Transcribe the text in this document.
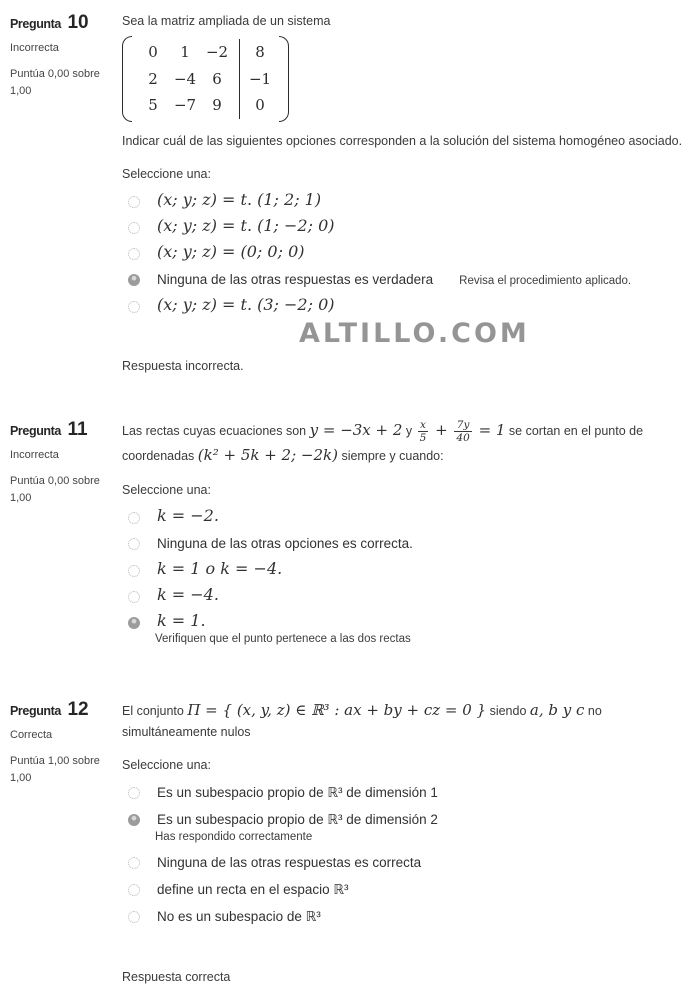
ALTILLO.COM
Pregunta 10
Incorrecta
Puntúa 0,00 sobre
1,00
Sea la matriz ampliada de un sistema
0 1 −2
2 −4 6
5 −7 9
8
−1
0
Indicar cuál de las siguientes opciones corresponden a la solución del sistema homogéneo asociado.
Seleccione una:
(x; y; z) = t. (1; 2; 1)
(x; y; z) = t. (1; −2; 0)
(x; y; z) = (0; 0; 0)
Ninguna de las otras respuestas es verdadera Revisa el procedimiento aplicado.
(x; y; z) = t. (3; −2; 0)
Respuesta incorrecta.
Pregunta 11
Incorrecta
Puntúa 0,00 sobre
1,00
Las rectas cuyas ecuaciones son y = −3x + 2 y $\frac{x}{5} + \frac{7y}{40} = 1$ se cortan en el punto de coordenadas (k² + 5k + 2; −2k) siempre y cuando:
Seleccione una:
k = −2.
Ninguna de las otras opciones es correcta.
k = 1 o k = −4.
k = −4.
k = 1.
Verifiquen que el punto pertenece a las dos rectas
Pregunta 12
Correcta
Puntúa 1,00 sobre
1,00
El conjunto Π = { (x, y, z) ∈ ℝ³ : ax + by + cz = 0 } siendo a, b y c no simultáneamente nulos
Seleccione una:
Es un subespacio propio de ℝ³ de dimensión 1
Es un subespacio propio de ℝ³ de dimensión 2
Has respondido correctamente
Ninguna de las otras respuestas es correcta
define un recta en el espacio ℝ³
No es un subespacio de ℝ³
Respuesta correcta
